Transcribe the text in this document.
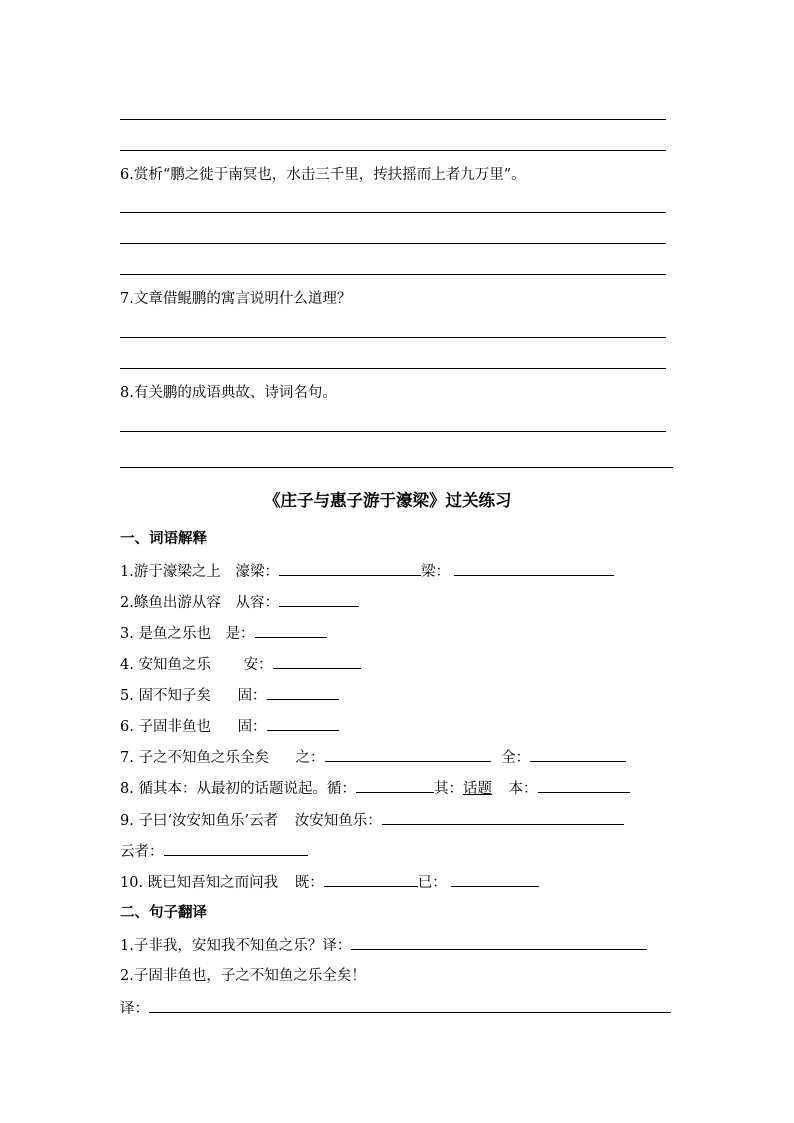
6.赏析“鹏之徙于南冥也，水击三千里，抟扶摇而上者九万里”。
7.文章借鲲鹏的寓言说明什么道理？
8.有关鹏的成语典故、诗词名句。
《庄子与惠子游于濠梁》过关练习
一、词语解释
1.游于濠梁之上 濠梁：	梁：
2.鲦鱼出游从容 从容：
3. 是鱼之乐也 是：
4. 安知鱼之乐 安：
5. 固不知子矣 固：
6. 子固非鱼也 固：
7. 子之不知鱼之乐全矣 之：	全：
8. 循其本：从最初的话题说起。循：	其：话题 本：
9. 子曰‘汝安知鱼乐’云者 汝安知鱼乐：
云者：
10. 既已知吾知之而问我 既：	已：
二、句子翻译
1.子非我，安知我不知鱼之乐？译：
2.子固非鱼也，子之不知鱼之乐全矣！
译：
